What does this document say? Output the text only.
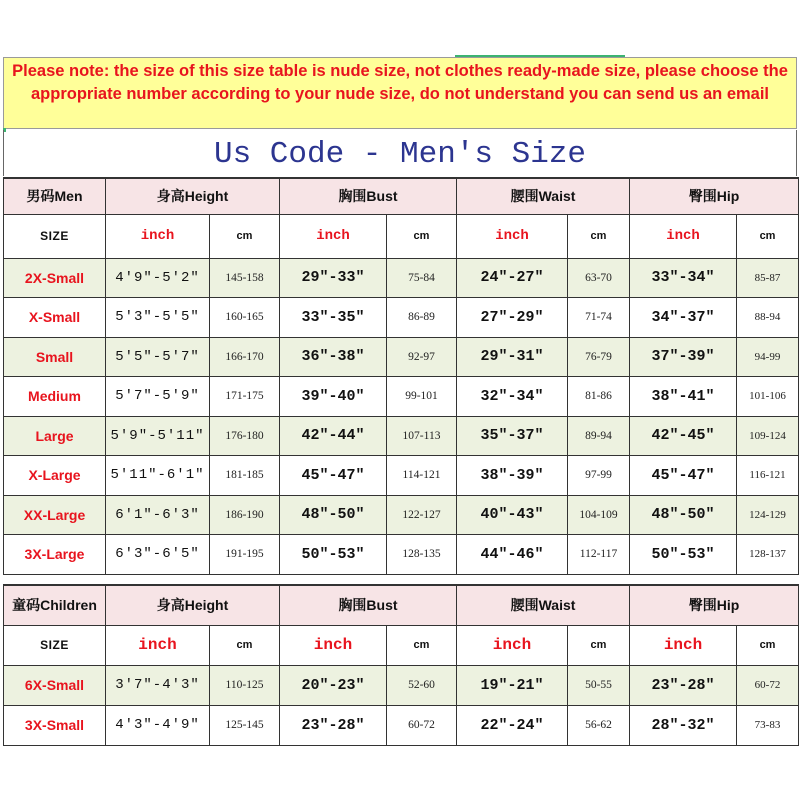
Please note: the size of this size table is nude size, not clothes ready-made size, please choose the appropriate number according to your nude size, do not understand you can send us an email
Us Code - Men's Size
男码Men	身高Height		胸围Bust		腰围Waist		臀围Hip	
SIZE	inch	cm	inch	cm	inch	cm	inch	cm
2X-Small	4'9"-5'2"	145-158	29"-33"	75-84	24"-27"	63-70	33"-34"	85-87
X-Small	5'3"-5'5"	160-165	33"-35"	86-89	27"-29"	71-74	34"-37"	88-94
Small	5'5"-5'7"	166-170	36"-38"	92-97	29"-31"	76-79	37"-39"	94-99
Medium	5'7"-5'9"	171-175	39"-40"	99-101	32"-34"	81-86	38"-41"	101-106
Large	5'9"-5'11"	176-180	42"-44"	107-113	35"-37"	89-94	42"-45"	109-124
X-Large	5'11"-6'1"	181-185	45"-47"	114-121	38"-39"	97-99	45"-47"	116-121
XX-Large	6'1"-6'3"	186-190	48"-50"	122-127	40"-43"	104-109	48"-50"	124-129
3X-Large	6'3"-6'5"	191-195	50"-53"	128-135	44"-46"	112-117	50"-53"	128-137
童码Children	身高Height		胸围Bust		腰围Waist		臀围Hip	
SIZE	inch	cm	inch	cm	inch	cm	inch	cm
6X-Small	3'7"-4'3"	110-125	20"-23"	52-60	19"-21"	50-55	23"-28"	60-72
3X-Small	4'3"-4'9"	125-145	23"-28"	60-72	22"-24"	56-62	28"-32"	73-83
